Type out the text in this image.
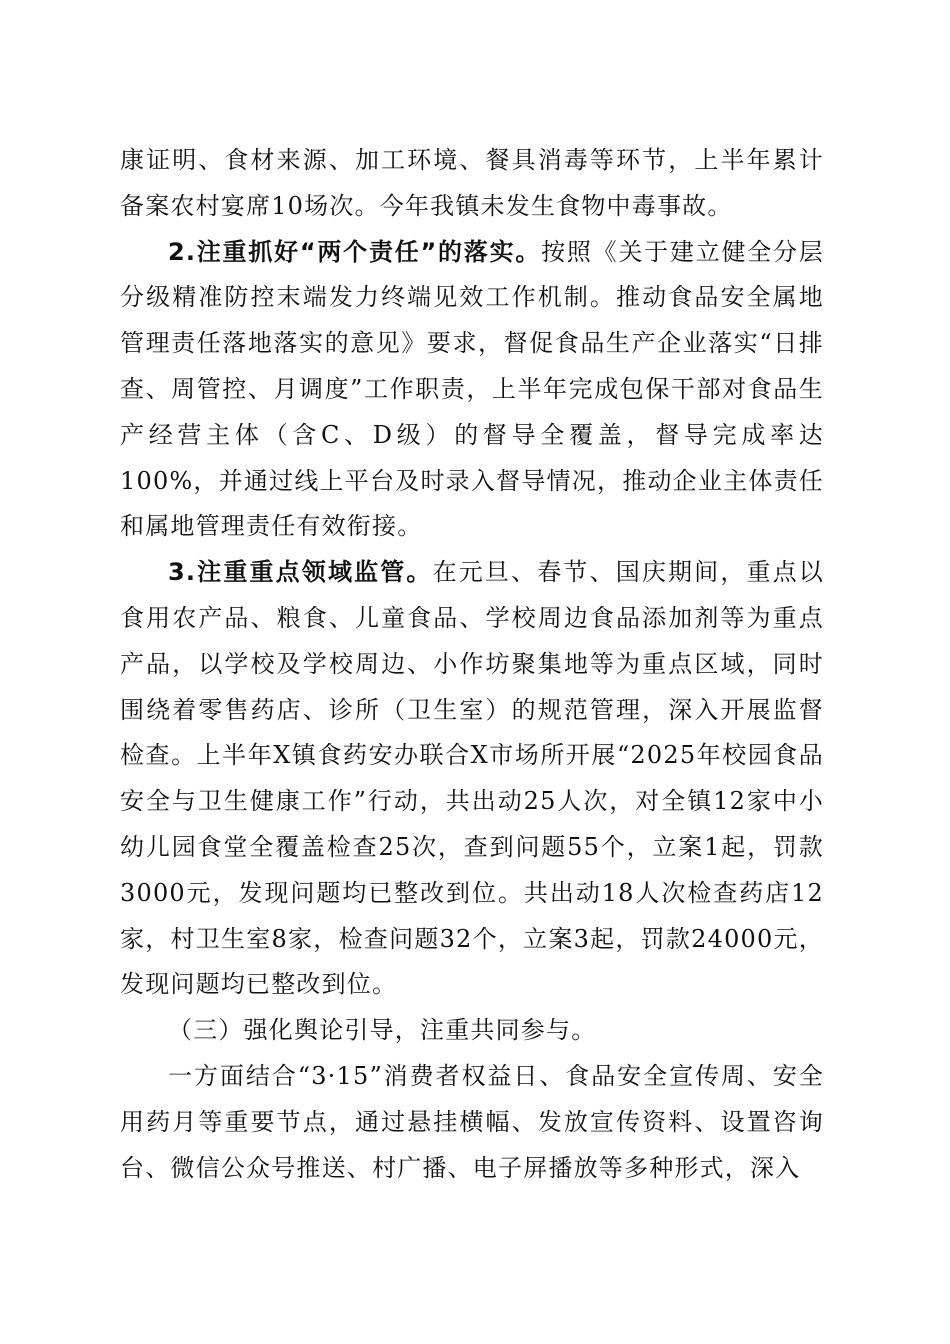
康证明、食材来源、加工环境、餐具消毒等环节，上半年累计备案农村宴席10场次。今年我镇未发生食物中毒事故。

2.注重抓好“两个责任”的落实。按照《关于建立健全分层分级精准防控末端发力终端见效工作机制。推动食品安全属地管理责任落地落实的意见》要求，督促食品生产企业落实“日排查、周管控、月调度”工作职责，上半年完成包保干部对食品生产经营主体（含C、D级）的督导全覆盖，督导完成率达100%，并通过线上平台及时录入督导情况，推动企业主体责任和属地管理责任有效衔接。

3.注重重点领域监管。在元旦、春节、国庆期间，重点以食用农产品、粮食、儿童食品、学校周边食品添加剂等为重点产品，以学校及学校周边、小作坊聚集地等为重点区域，同时围绕着零售药店、诊所（卫生室）的规范管理，深入开展监督检查。上半年X镇食药安办联合X市场所开展“2025年校园食品安全与卫生健康工作”行动，共出动25人次，对全镇12家中小幼儿园食堂全覆盖检查25次，查到问题55个，立案1起，罚款3000元，发现问题均已整改到位。共出动18人次检查药店12家，村卫生室8家，检查问题32个，立案3起，罚款24000元，发现问题均已整改到位。

（三）强化舆论引导，注重共同参与。

一方面结合“3·15”消费者权益日、食品安全宣传周、安全用药月等重要节点，通过悬挂横幅、发放宣传资料、设置咨询台、微信公众号推送、村广播、电子屏播放等多种形式，深入
